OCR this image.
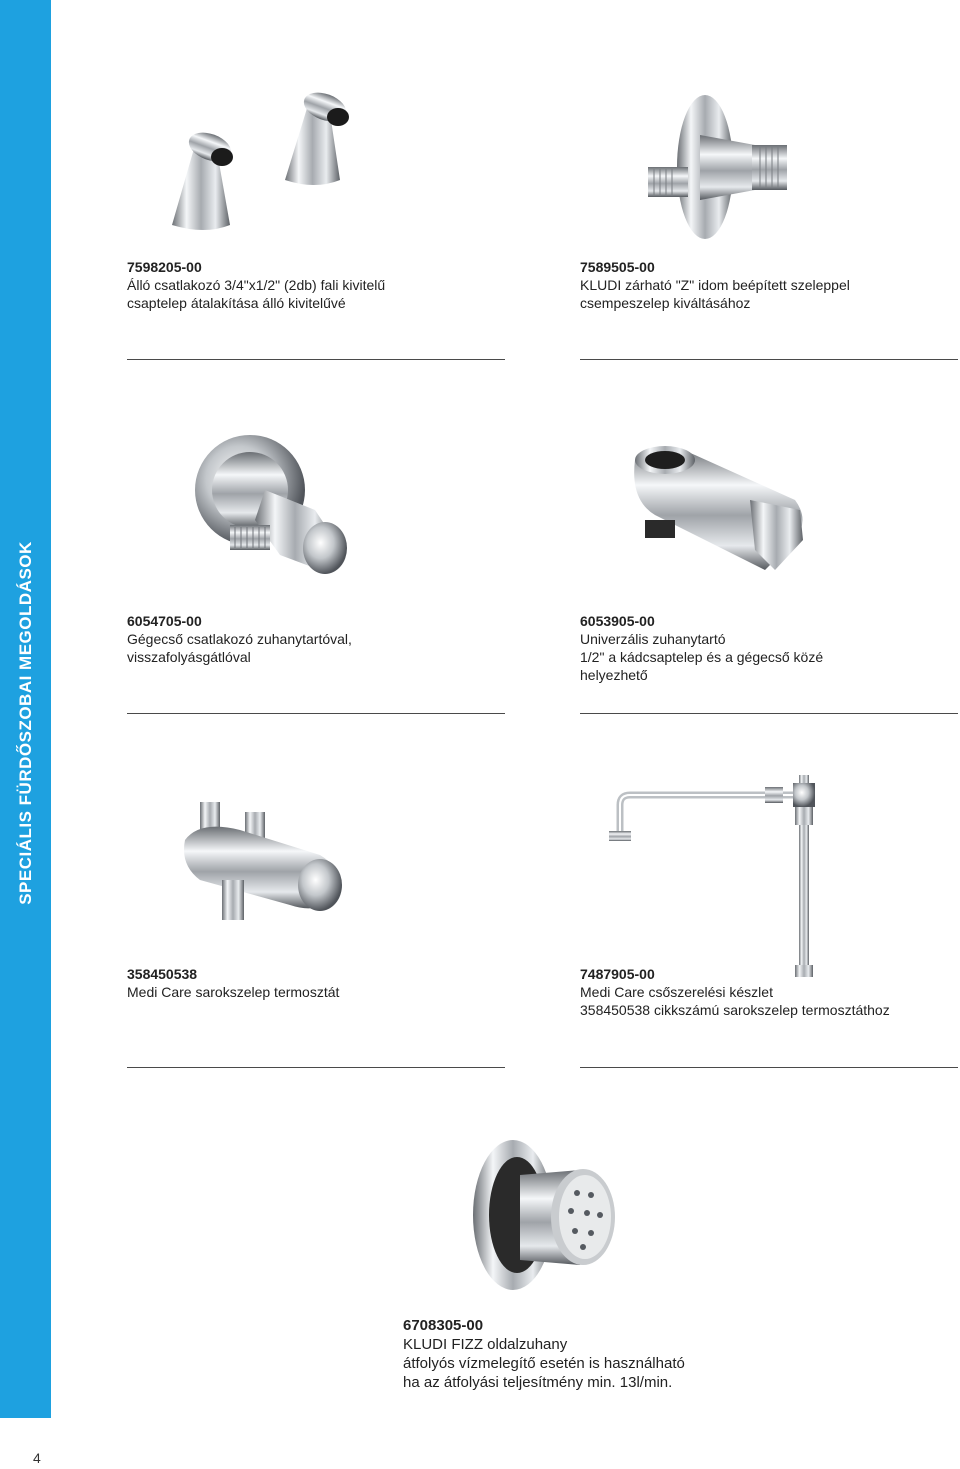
SPECIÁLIS FÜRDŐSZOBAI MEGOLDÁSOK
4
7598205-00
Álló csatlakozó 3/4"x1/2" (2db) fali kivitelű
csaptelep átalakítása álló kivitelűvé
7589505-00
KLUDI zárható "Z" idom beépített szeleppel
csempeszelep kiváltásához
6054705-00
Gégecső csatlakozó zuhanytartóval,
visszafolyásgátlóval
6053905-00
Univerzális zuhanytartó
1/2" a kádcsaptelep és a gégecső közé
helyezhető
358450538
Medi Care sarokszelep termosztát
7487905-00
Medi Care csőszerelési készlet
358450538 cikkszámú sarokszelep termosztáthoz
6708305-00
KLUDI FIZZ oldalzuhany
átfolyós vízmelegítő esetén is használható
ha az átfolyási teljesítmény min. 13l/min.
